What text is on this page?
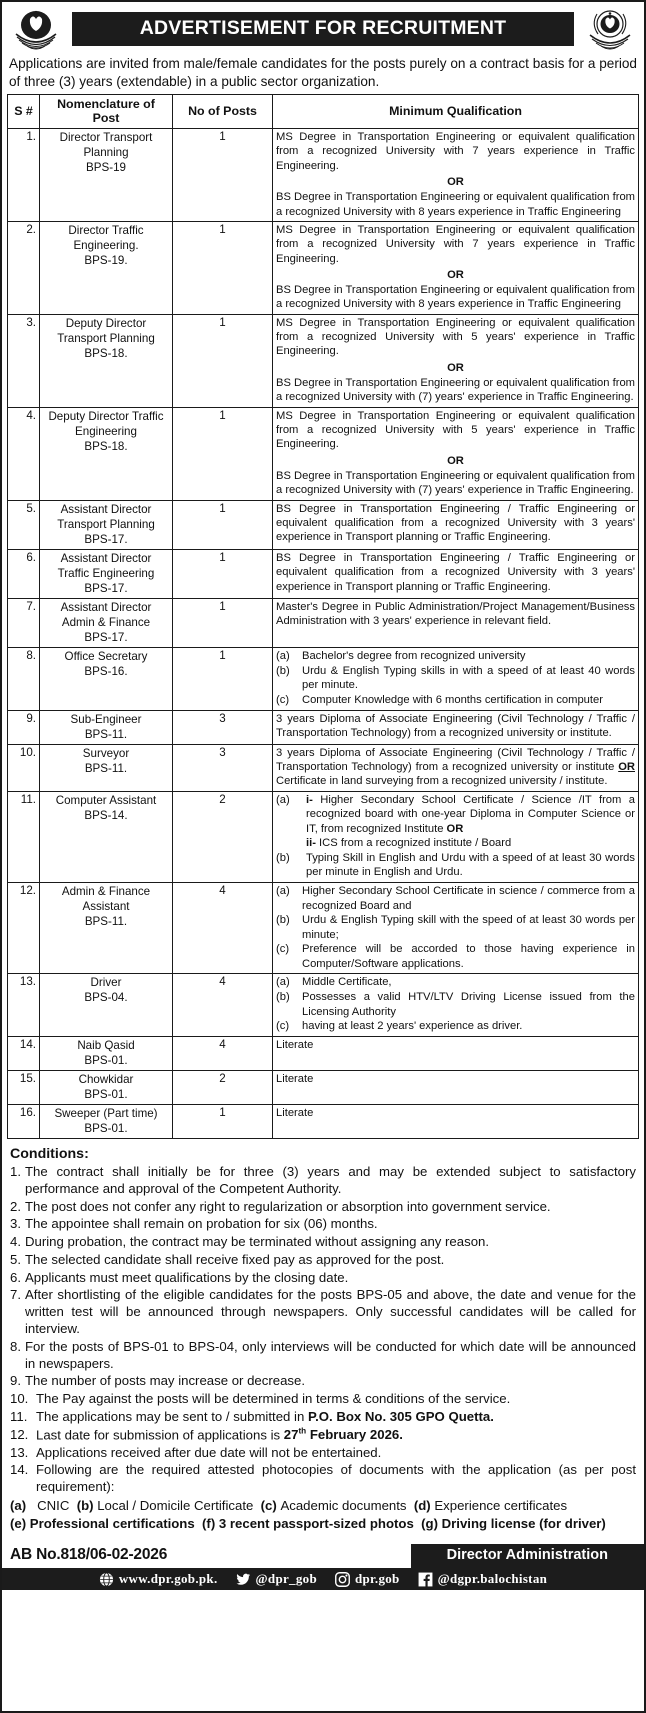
ADVERTISEMENT FOR RECRUITMENT

Applications are invited from male/female candidates for the posts purely on a contract basis for a period of three (3) years (extendable) in a public sector organization.

S #	Nomenclature of Post	No of Posts	Minimum Qualification
1.	Director Transport
Planning
BPS-19	1	MS Degree in Transportation Engineering or equivalent qualification from a recognized University with 7 years experience in Traffic Engineering.

OR

BS Degree in Transportation Engineering or equivalent qualification from a recognized University with 8 years experience in Traffic Engineering

2.	Director Traffic
Engineering.
BPS-19.	1	MS Degree in Transportation Engineering or equivalent qualification from a recognized University with 7 years experience in Traffic Engineering.

OR

BS Degree in Transportation Engineering or equivalent qualification from a recognized University with 8 years experience in Traffic Engineering

3.	Deputy Director
Transport Planning
BPS-18.	1	MS Degree in Transportation Engineering or equivalent qualification from a recognized University with 5 years' experience in Traffic Engineering.

OR

BS Degree in Transportation Engineering or equivalent qualification from a recognized University with (7) years' experience in Traffic Engineering.

4.	Deputy Director Traffic
Engineering
BPS-18.	1	MS Degree in Transportation Engineering or equivalent qualification from a recognized University with 5 years' experience in Traffic Engineering.

OR

BS Degree in Transportation Engineering or equivalent qualification from a recognized University with (7) years' experience in Traffic Engineering.

5.	Assistant Director
Transport Planning
BPS-17.	1	BS Degree in Transportation Engineering / Traffic Engineering or equivalent qualification from a recognized University with 3 years' experience in Transport planning or Traffic Engineering.

6.	Assistant Director
Traffic Engineering
BPS-17.	1	BS Degree in Transportation Engineering / Traffic Engineering or equivalent qualification from a recognized University with 3 years' experience in Transport planning or Traffic Engineering.

7.	Assistant Director
Admin & Finance
BPS-17.	1	Master's Degree in Public Administration/Project Management/Business Administration with 3 years' experience in relevant field.

8.	Office Secretary
BPS-16.	1	(a)	Bachelor's degree from recognized university
(b)	Urdu & English Typing skills in with a speed of at least 40 words per minute.
(c)	Computer Knowledge with 6 months certification in computer

9.	Sub-Engineer
BPS-11.	3	3 years Diploma of Associate Engineering (Civil Technology / Traffic / Transportation Technology) from a recognized university or institute.

10.	Surveyor
BPS-11.	3	3 years Diploma of Associate Engineering (Civil Technology / Traffic / Transportation Technology) from a recognized university or institute OR Certificate in land surveying from a recognized university / institute.

11.	Computer Assistant
BPS-14.	2	(a)	i- Higher Secondary School Certificate / Science /IT from a recognized board with one-year Diploma in Computer Science or IT, from recognized Institute OR
ii- ICS from a recognized institute / Board
(b)	Typing Skill in English and Urdu with a speed of at least 30 words per minute in English and Urdu.

12.	Admin & Finance
Assistant
BPS-11.	4	(a)	Higher Secondary School Certificate in science / commerce from a recognized Board and
(b)	Urdu & English Typing skill with the speed of at least 30 words per minute;
(c)	Preference will be accorded to those having experience in Computer/Software applications.

13.	Driver
BPS-04.	4	(a)	Middle Certificate,
(b)	Possesses a valid HTV/LTV Driving License issued from the Licensing Authority
(c)	having at least 2 years' experience as driver.

14.	Naib Qasid
BPS-01.	4	Literate

15.	Chowkidar
BPS-01.	2	Literate

16.	Sweeper (Part time)
BPS-01.	1	Literate

Conditions:
1. The contract shall initially be for three (3) years and may be extended subject to satisfactory performance and approval of the Competent Authority.
2. The post does not confer any right to regularization or absorption into government service.
3. The appointee shall remain on probation for six (06) months.
4. During probation, the contract may be terminated without assigning any reason.
5. The selected candidate shall receive fixed pay as approved for the post.
6. Applicants must meet qualifications by the closing date.
7. After shortlisting of the eligible candidates for the posts BPS-05 and above, the date and venue for the written test will be announced through newspapers. Only successful candidates will be called for interview.
8. For the posts of BPS-01 to BPS-04, only interviews will be conducted for which date will be announced in newspapers.
9. The number of posts may increase or decrease.
10. The Pay against the posts will be determined in terms & conditions of the service.
11. The applications may be sent to / submitted in P.O. Box No. 305 GPO Quetta.
12. Last date for submission of applications is 27th February 2026.
13. Applications received after due date will not be entertained.
14. Following are the required attested photocopies of documents with the application (as per post requirement):
(a) CNIC (b) Local / Domicile Certificate (c) Academic documents (d) Experience certificates
(e) Professional certifications (f) 3 recent passport-sized photos (g) Driving license (for driver)
AB No.818/06-02-2026	Director Administration
www.dpr.gob.pk.	@dpr_gob	dpr.gob	@dgpr.balochistan
